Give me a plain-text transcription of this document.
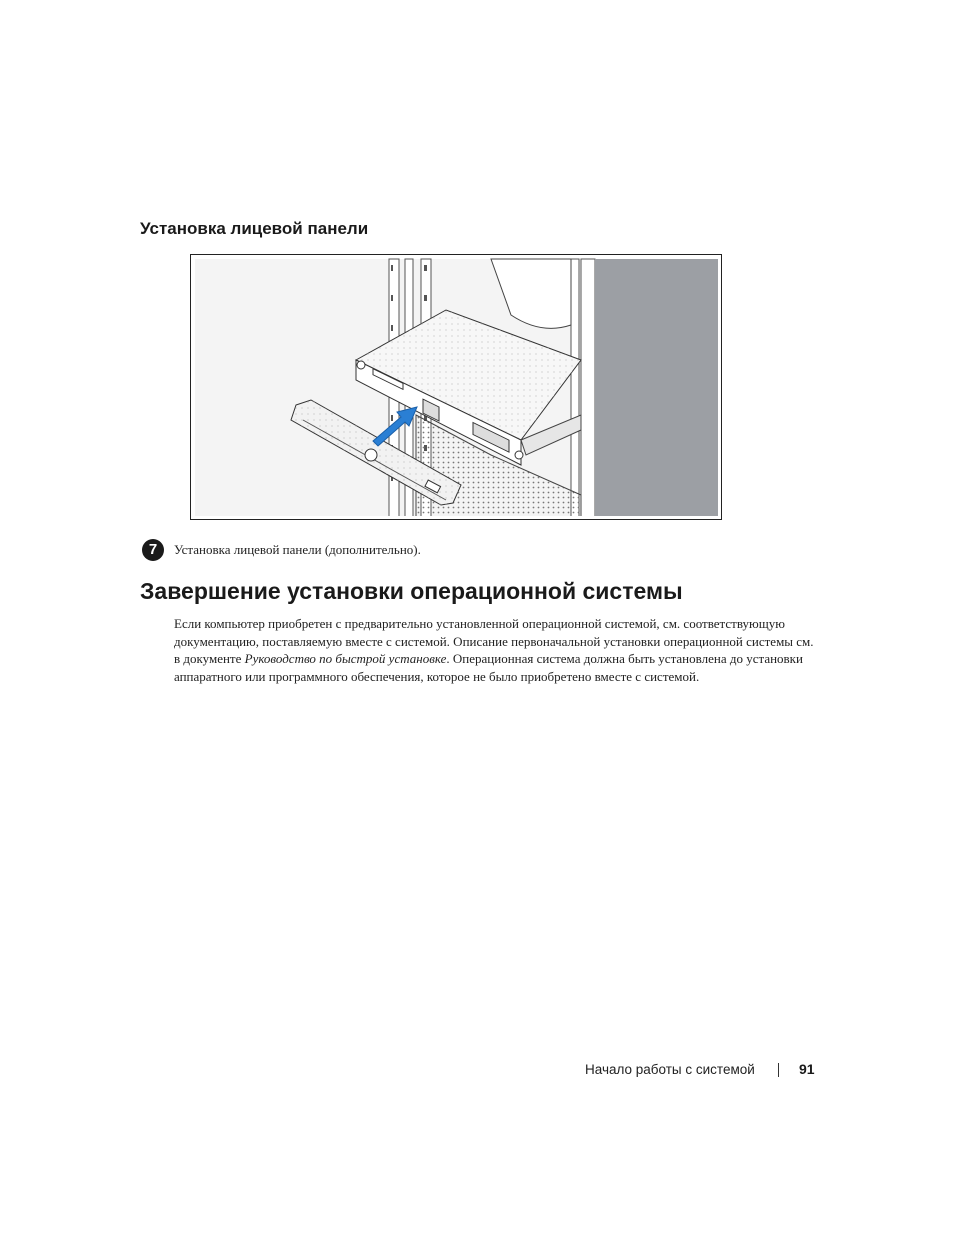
Установка лицевой панели
7	Установка лицевой панели (дополнительно).
Завершение установки операционной системы

Если компьютер приобретен с предварительно установленной операционной системой, см. соответствующую документацию, поставляемую вместе с системой. Описание первоначальной установки операционной системы см. в документе Руководство по быстрой установке. Операционная система должна быть установлена до установки аппаратного или программного обеспечения, которое не было приобретено вместе с системой.

Начало работы с системой	91
